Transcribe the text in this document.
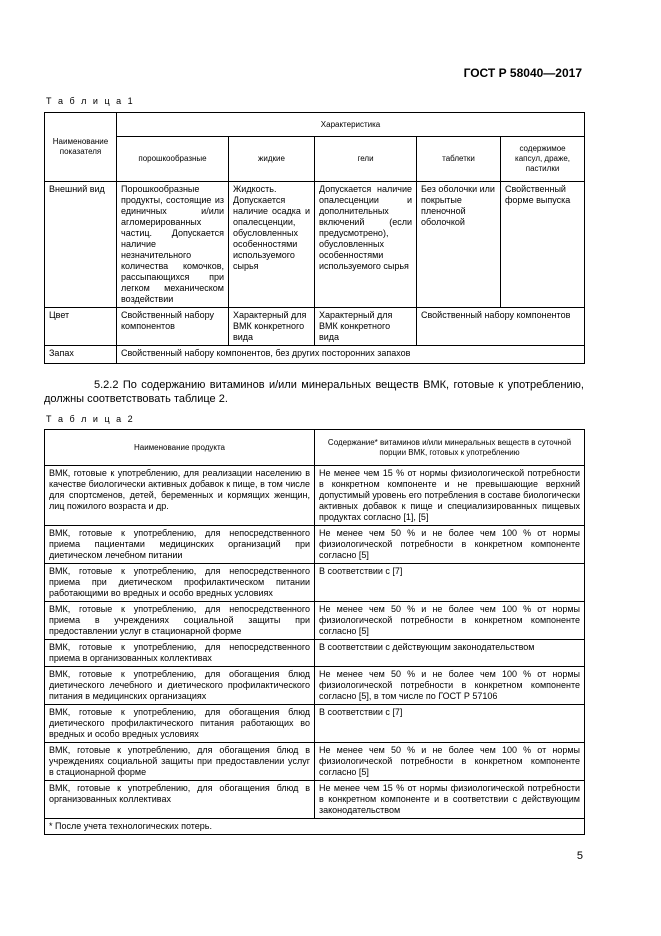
ГОСТ Р 58040—2017
Т а б л и ц а 1
Наименование показателя	Характеристика				
	порошкообразные	жидкие	гели	таблетки	содержимое капсул, драже, пастилки
Внешний вид	Порошкообразные продукты, состоящие из единичных и/или агломерированных частиц. Допускается наличие незначительного количества комочков, рассыпающихся при легком механическом воздействии	Жидкость. Допускается наличие осадка и опалесценции, обусловленных особенностями используемого сырья	Допускается наличие опалесценции и дополнительных включений (если предусмотрено), обусловленных особенностями используемого сырья	Без оболочки или покрытые пленочной оболочкой	Свойственный форме выпуска
Цвет	Свойственный набору компонентов	Характерный для ВМК конкретного вида	Характерный для ВМК конкретного вида	Свойственный набору компонентов	
Запах	Свойственный набору компонентов, без других посторонних запахов				
5.2.2 По содержанию витаминов и/или минеральных веществ ВМК, готовые к употреблению, должны соответствовать таблице 2.
Т а б л и ц а 2
Наименование продукта	Содержание* витаминов и/или минеральных веществ в суточной порции ВМК, готовых к употреблению
ВМК, готовые к употреблению, для реализации населению в качестве биологически активных добавок к пище, в том числе для спортсменов, детей, беременных и кормящих женщин, лиц пожилого возраста и др.	Не менее чем 15 % от нормы физиологической потребности в конкретном компоненте и не превышающие верхний допустимый уровень его потребления в составе биологически активных добавок к пище и специализированных пищевых продуктах согласно [1], [5]
ВМК, готовые к употреблению, для непосредственного приема пациентами медицинских организаций при диетическом лечебном питании	Не менее чем 50 % и не более чем 100 % от нормы физиологической потребности в конкретном компоненте согласно [5]
ВМК, готовые к употреблению, для непосредственного приема при диетическом профилактическом питании работающими во вредных и особо вредных условиях	В соответствии с [7]
ВМК, готовые к употреблению, для непосредственного приема в учреждениях социальной защиты при предоставлении услуг в стационарной форме	Не менее чем 50 % и не более чем 100 % от нормы физиологической потребности в конкретном компоненте согласно [5]
ВМК, готовые к употреблению, для непосредственного приема в организованных коллективах	В соответствии с действующим законодательством
ВМК, готовые к употреблению, для обогащения блюд диетического лечебного и диетического профилактического питания в медицинских организациях	Не менее чем 50 % и не более чем 100 % от нормы физиологической потребности в конкретном компоненте согласно [5], в том числе по ГОСТ Р 57106
ВМК, готовые к употреблению, для обогащения блюд диетического профилактического питания работающих во вредных и особо вредных условиях	В соответствии с [7]
ВМК, готовые к употреблению, для обогащения блюд в учреждениях социальной защиты при предоставлении услуг в стационарной форме	Не менее чем 50 % и не более чем 100 % от нормы физиологической потребности в конкретном компоненте согласно [5]
ВМК, готовые к употреблению, для обогащения блюд в организованных коллективах	Не менее чем 15 % от нормы физиологической потребности в конкретном компоненте и в соответствии с действующим законодательством
* После учета технологических потерь.	
5
